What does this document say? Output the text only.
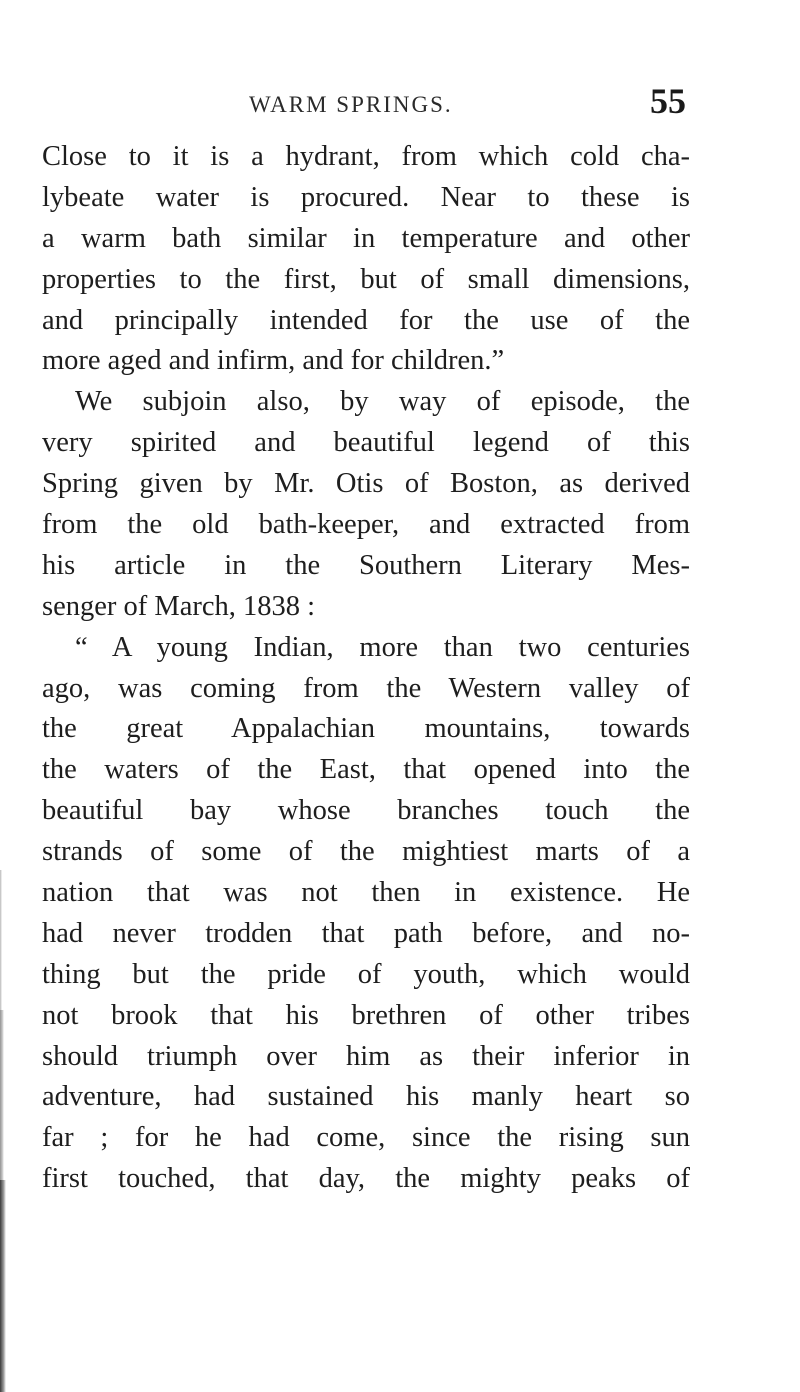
WARM SPRINGS.	55
Close to it is a hydrant, from which cold cha-
lybeate water is procured. Near to these is
a warm bath similar in temperature and other
properties to the first, but of small dimensions,
and principally intended for the use of the
more aged and infirm, and for children.”
We subjoin also, by way of episode, the
very spirited and beautiful legend of this
Spring given by Mr. Otis of Boston, as derived
from the old bath-keeper, and extracted from
his article in the Southern Literary Mes-
senger of March, 1838 :
“ A young Indian, more than two centuries
ago, was coming from the Western valley of
the great Appalachian mountains, towards
the waters of the East, that opened into the
beautiful bay whose branches touch the
strands of some of the mightiest marts of a
nation that was not then in existence. He
had never trodden that path before, and no-
thing but the pride of youth, which would
not brook that his brethren of other tribes
should triumph over him as their inferior in
adventure, had sustained his manly heart so
far ; for he had come, since the rising sun
first touched, that day, the mighty peaks of
